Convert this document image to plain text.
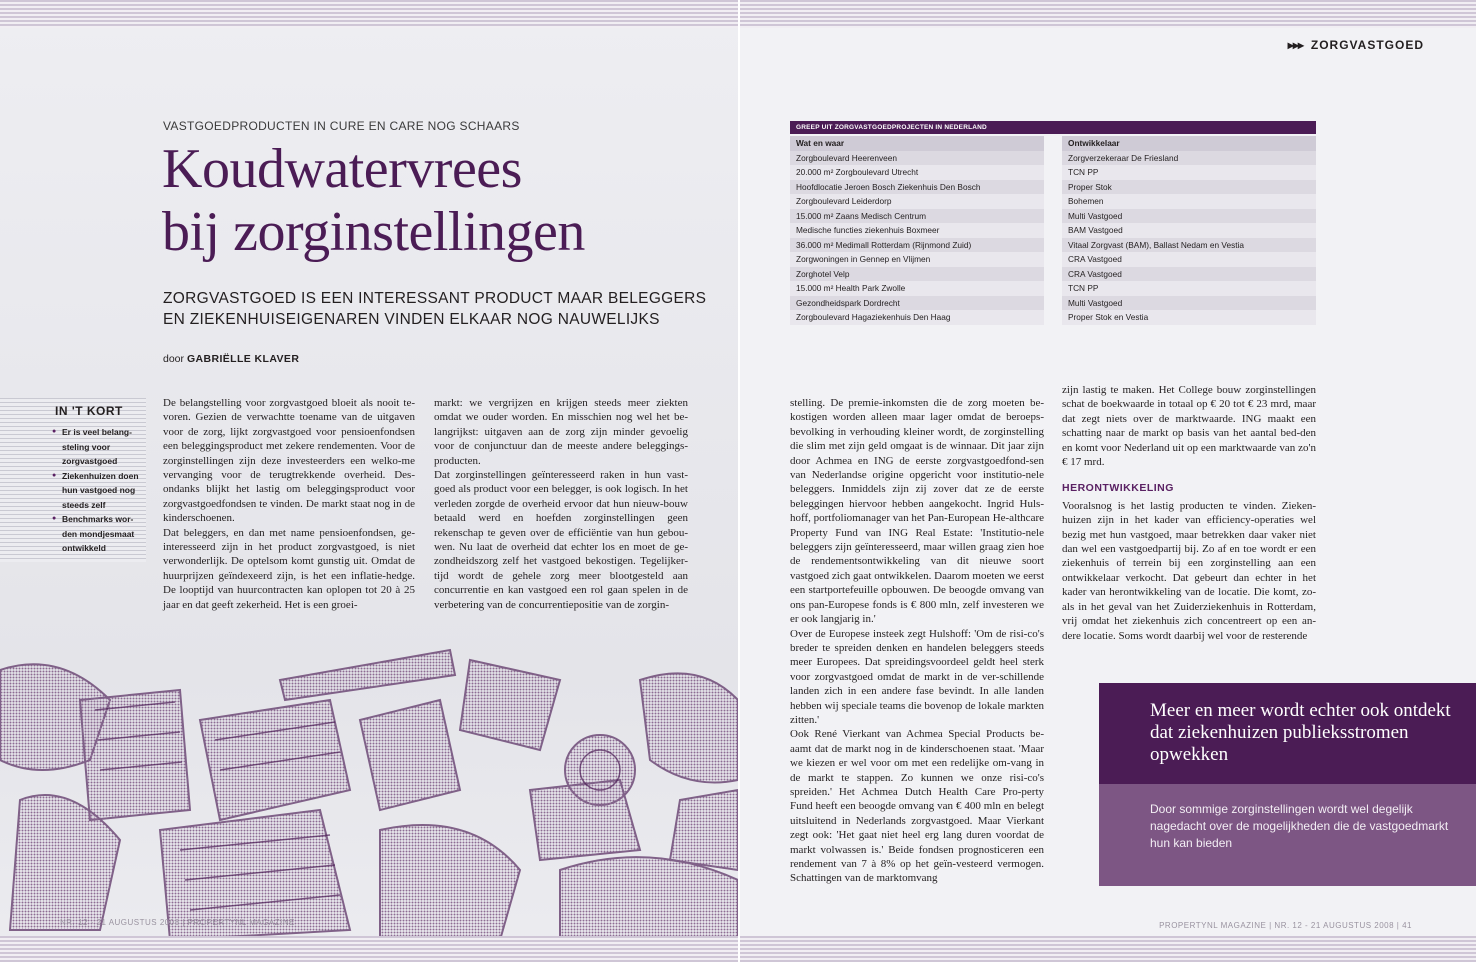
VASTGOEDPRODUCTEN IN CURE EN CARE NOG SCHAARS
Koudwatervrees
bij zorginstellingen
ZORGVASTGOED IS EEN INTERESSANT PRODUCT MAAR BELEGGERS
EN ZIEKENHUISEIGENAREN VINDEN ELKAAR NOG NAUWELIJKS
door GABRIËLLE KLAVER
IN 'T KORT
● Er is veel belang-steling voor zorgvastgoed
● Ziekenhuizen doen hun vastgoed nog steeds zelf
● Benchmarks wor-den mondjesmaat ontwikkeld

De belangstelling voor zorgvastgoed bloeit als nooit te-voren. Gezien de verwachtte toename van de uitgaven voor de zorg, lijkt zorgvastgoed voor pensioenfondsen een beleggingsproduct met zekere rendementen. Voor de zorginstellingen zijn deze investeerders een welko-me vervanging voor de terugtrekkende overheid. Des-ondanks blijkt het lastig om beleggingsproduct voor zorgvastgoedfondsen te vinden. De markt staat nog in de kinderschoenen.

Dat beleggers, en dan met name pensioenfondsen, ge-interesseerd zijn in het product zorgvastgoed, is niet verwonderlijk. De optelsom komt gunstig uit. Omdat de huurprijzen geïndexeerd zijn, is het een inflatie-hedge. De looptijd van huurcontracten kan oplopen tot 20 à 25 jaar en dat geeft zekerheid. Het is een groei-

markt: we vergrijzen en krijgen steeds meer ziekten omdat we ouder worden. En misschien nog wel het be-langrijkst: uitgaven aan de zorg zijn minder gevoelig voor de conjunctuur dan de meeste andere beleggings-producten.

Dat zorginstellingen geïnteresseerd raken in hun vast-goed als product voor een belegger, is ook logisch. In het verleden zorgde de overheid ervoor dat hun nieuw-bouw betaald werd en hoefden zorginstellingen geen rekenschap te geven over de efficiëntie van hun gebou-wen. Nu laat de overheid dat echter los en moet de ge-zondheidszorg zelf het vastgoed bekostigen. Tegelijker-tijd wordt de gehele zorg meer blootgesteld aan concurrentie en kan vastgoed een rol gaan spelen in de verbetering van de concurrentiepositie van de zorgin-

NR. 12 - 21 AUGUSTUS 2008 | PROPERTYNL MAGAZINE
▸▸▸ ZORGVASTGOED
GREEP UIT ZORGVASTGOEDPROJECTEN IN NEDERLAND
Wat en waar
Zorgboulevard Heerenveen
20.000 m² Zorgboulevard Utrecht
Hoofdlocatie Jeroen Bosch Ziekenhuis Den Bosch
Zorgboulevard Leiderdorp
15.000 m² Zaans Medisch Centrum
Medische functies ziekenhuis Boxmeer
36.000 m² Medimall Rotterdam (Rijnmond Zuid)
Zorgwoningen in Gennep en Vlijmen
Zorghotel Velp
15.000 m² Health Park Zwolle
Gezondheidspark Dordrecht
Zorgboulevard Hagaziekenhuis Den Haag
Ontwikkelaar
Zorgverzekeraar De Friesland
TCN PP
Proper Stok
Bohemen
Multi Vastgoed
BAM Vastgoed
Vitaal Zorgvast (BAM), Ballast Nedam en Vestia
CRA Vastgoed
CRA Vastgoed
TCN PP
Multi Vastgoed
Proper Stok en Vestia

stelling. De premie-inkomsten die de zorg moeten be-kostigen worden alleen maar lager omdat de beroeps-bevolking in verhouding kleiner wordt, de zorginstelling die slim met zijn geld omgaat is de winnaar. Dit jaar zijn door Achmea en ING de eerste zorgvastgoedfond-sen van Nederlandse origine opgericht voor institutio-nele beleggers. Inmiddels zijn zij zover dat ze de eerste beleggingen hiervoor hebben aangekocht. Ingrid Huls-hoff, portfoliomanager van het Pan-European He-althcare Property Fund van ING Real Estate: 'Institutio-nele beleggers zijn geïnteresseerd, maar willen graag zien hoe de rendementsontwikkeling van dit nieuwe soort vastgoed zich gaat ontwikkelen. Daarom moeten we eerst een startportefeuille opbouwen. De beoogde omvang van ons pan-Europese fonds is € 800 mln, zelf investeren we er ook langjarig in.'

Over de Europese insteek zegt Hulshoff: 'Om de risi-co's breder te spreiden denken en handelen beleggers steeds meer Europees. Dat spreidingsvoordeel geldt heel sterk voor zorgvastgoed omdat de markt in de ver-schillende landen zich in een andere fase bevindt. In alle landen hebben wij speciale teams die bovenop de lokale markten zitten.'

Ook René Vierkant van Achmea Special Products be-aamt dat de markt nog in de kinderschoenen staat. 'Maar we kiezen er wel voor om met een redelijke om-vang in de markt te stappen. Zo kunnen we onze risi-co's spreiden.' Het Achmea Dutch Health Care Pro-perty Fund heeft een beoogde omvang van € 400 mln en belegt uitsluitend in Nederlands zorgvastgoed. Maar Vierkant zegt ook: 'Het gaat niet heel erg lang duren voordat de markt volwassen is.' Beide fondsen prognosticeren een rendement van 7 à 8% op het geïn-vesteerd vermogen. Schattingen van de marktomvang

zijn lastig te maken. Het College bouw zorginstellingen schat de boekwaarde in totaal op € 20 tot € 23 mrd, maar dat zegt niets over de marktwaarde. ING maakt een schatting naar de markt op basis van het aantal bed-den en komt voor Nederland uit op een marktwaarde van zo'n € 17 mrd.

HERONTWIKKELING

Vooralsnog is het lastig producten te vinden. Zieken-huizen zijn in het kader van efficiency-operaties wel bezig met hun vastgoed, maar betrekken daar vaker niet dan wel een vastgoedpartij bij. Zo af en toe wordt er een ziekenhuis of terrein bij een zorginstelling aan een ontwikkelaar verkocht. Dat gebeurt dan echter in het kader van herontwikkeling van de locatie. Die komt, zo-als in het geval van het Zuiderziekenhuis in Rotterdam, vrij omdat het ziekenhuis zich concentreert op een an-dere locatie. Soms wordt daarbij wel voor de resterende

Meer en meer wordt echter ook ontdekt dat ziekenhuizen publieksstromen opwekken
Door sommige zorginstellingen wordt wel degelijk nagedacht over de mogelijkheden die de vastgoedmarkt hun kan bieden
PROPERTYNL MAGAZINE | NR. 12 - 21 AUGUSTUS 2008 | 41
